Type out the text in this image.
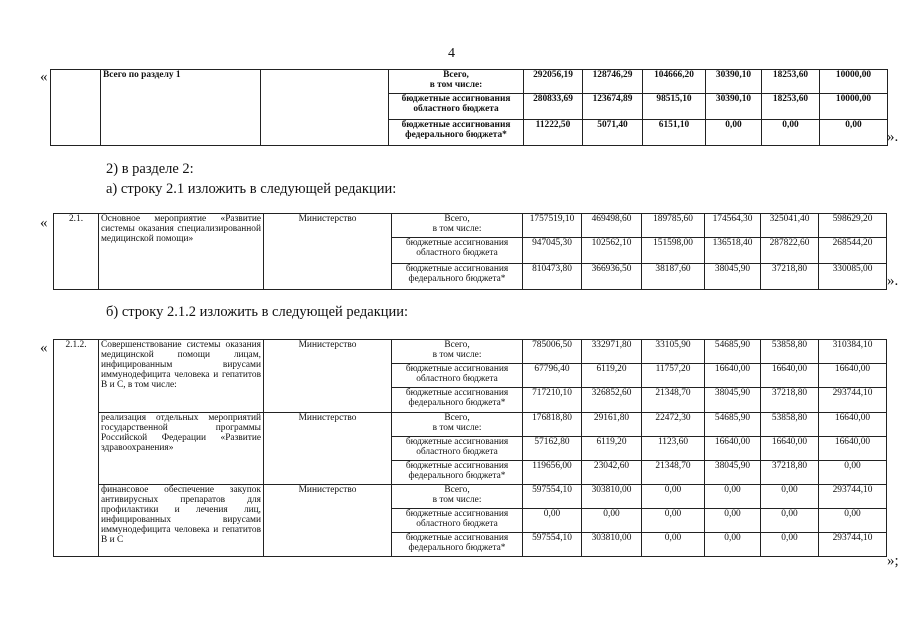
4
«
		Всего по разделу 1		Всего,
в том числе:	292056,19	128746,29	104666,20	30390,10	18253,60	10000,00

			бюджетные ассигнования
областного бюджета	280833,69	123674,89	98515,10	30390,10	18253,60	10000,00

			бюджетные ассигнования
федерального бюджета*	11222,50	5071,40	6151,10	0,00	0,00	0,00
».
2) в разделе 2:
а) строку 2.1 изложить в следующей редакции:
« 2.1.	Основное мероприятие «Развитие системы оказания специализированной медицинской помощи»	Министерство	Всего,
в том числе:	1757519,10	469498,60	189785,60	174564,30	325041,40	598629,20

			бюджетные ассигнования
областного бюджета	947045,30	102562,10	151598,00	136518,40	287822,60	268544,20

			бюджетные ассигнования
федерального бюджета*	810473,80	366936,50	38187,60	38045,90	37218,80	330085,00
».
б) строку 2.1.2 изложить в следующей редакции:
« 2.1.2.	Совершенствование системы оказания медицинской помощи лицам, инфицированным вирусами иммунодефицита человека и гепатитов В и С, в том числе:	Министерство	Всего,
в том числе:	785006,50	332971,80	33105,90	54685,90	53858,80	310384,10

			бюджетные ассигнования
областного бюджета	67796,40	6119,20	11757,20	16640,00	16640,00	16640,00

			бюджетные ассигнования
федерального бюджета*	717210,10	326852,60	21348,70	38045,90	37218,80	293744,10
	реализация отдельных мероприятий государственной программы Российской Федерации «Развитие здравоохранения»	Министерство	Всего,
в том числе:	176818,80	29161,80	22472,30	54685,90	53858,80	16640,00

			бюджетные ассигнования
областного бюджета	57162,80	6119,20	1123,60	16640,00	16640,00	16640,00

			бюджетные ассигнования
федерального бюджета*	119656,00	23042,60	21348,70	38045,90	37218,80	0,00
	финансовое обеспечение закупок антивирусных препаратов для профилактики и лечения лиц, инфицированных вирусами иммунодефицита человека и гепатитов В и С	Министерство	Всего,
в том числе:	597554,10	303810,00	0,00	0,00	0,00	293744,10

			бюджетные ассигнования
областного бюджета	0,00	0,00	0,00	0,00	0,00	0,00

			бюджетные ассигнования
федерального бюджета*	597554,10	303810,00	0,00	0,00	0,00	293744,10
»;
